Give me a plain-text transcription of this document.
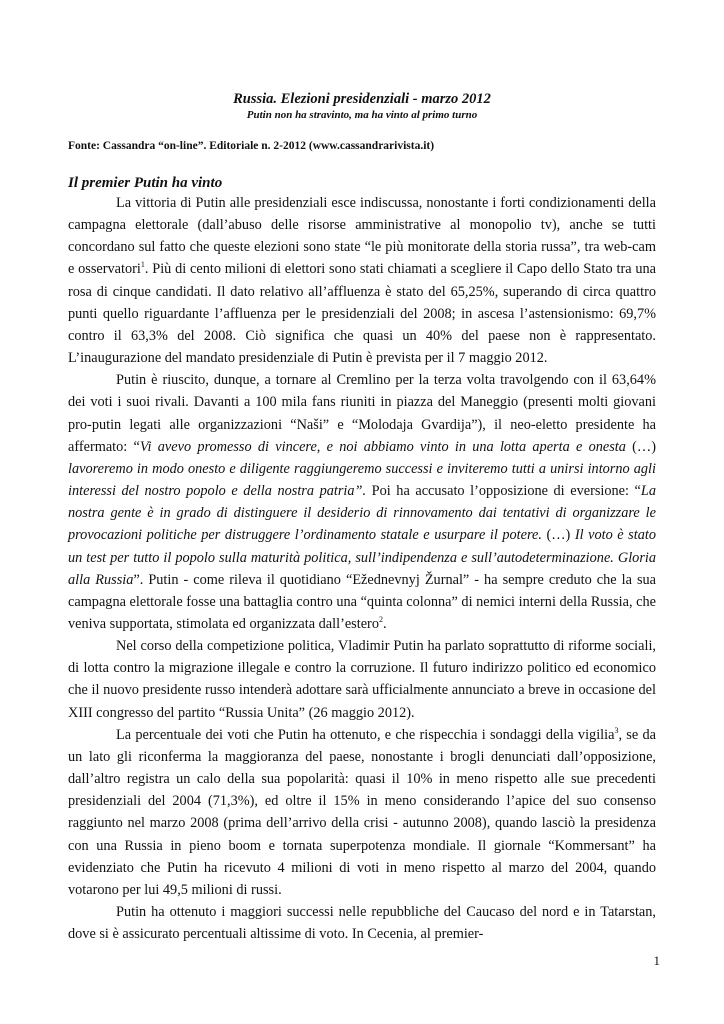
Russia. Elezioni presidenziali - marzo 2012
Putin non ha stravinto, ma ha vinto al primo turno
Fonte: Cassandra “on-line”. Editoriale n. 2-2012 (www.cassandrarivista.it)
Il premier Putin ha vinto

La vittoria di Putin alle presidenziali esce indiscussa, nonostante i forti condizionamenti della campagna elettorale (dall’abuso delle risorse amministrative al monopolio tv), anche se tutti concordano sul fatto che queste elezioni sono state “le più monitorate della storia russa”, tra web-cam e osservatori$^1$. Più di cento milioni di elettori sono stati chiamati a scegliere il Capo dello Stato tra una rosa di cinque candidati. Il dato relativo all’affluenza è stato del 65,25%, superando di circa quattro punti quello riguardante l’affluenza per le presidenziali del 2008; in ascesa l’astensionismo: 69,7% contro il 63,3% del 2008. Ciò significa che quasi un 40% del paese non è rappresentato. L’inaugurazione del mandato presidenziale di Putin è prevista per il 7 maggio 2012.

Putin è riuscito, dunque, a tornare al Cremlino per la terza volta travolgendo con il 63,64% dei voti i suoi rivali. Davanti a 100 mila fans riuniti in piazza del Maneggio (presenti molti giovani pro-putin legati alle organizzazioni “Naši” e “Molodaja Gvardija”), il neo-eletto presidente ha affermato: “Vi avevo promesso di vincere, e noi abbiamo vinto in una lotta aperta e onesta (…) lavoreremo in modo onesto e diligente raggiungeremo successi e inviteremo tutti a unirsi intorno agli interessi del nostro popolo e della nostra patria”. Poi ha accusato l’opposizione di eversione: “La nostra gente è in grado di distinguere il desiderio di rinnovamento dai tentativi di organizzare le provocazioni politiche per distruggere l’ordinamento statale e usurpare il potere. (…) Il voto è stato un test per tutto il popolo sulla maturità politica, sull’indipendenza e sull’autodeterminazione. Gloria alla Russia”. Putin - come rileva il quotidiano “Ežednevnyj Žurnal” - ha sempre creduto che la sua campagna elettorale fosse una battaglia contro una “quinta colonna” di nemici interni della Russia, che veniva supportata, stimolata ed organizzata dall’estero$^2$.

Nel corso della competizione politica, Vladimir Putin ha parlato soprattutto di riforme sociali, di lotta contro la migrazione illegale e contro la corruzione. Il futuro indirizzo politico ed economico che il nuovo presidente russo intenderà adottare sarà ufficialmente annunciato a breve in occasione del XIII congresso del partito “Russia Unita” (26 maggio 2012).

La percentuale dei voti che Putin ha ottenuto, e che rispecchia i sondaggi della vigilia$^3$, se da un lato gli riconferma la maggioranza del paese, nonostante i brogli denunciati dall’opposizione, dall’altro registra un calo della sua popolarità: quasi il 10% in meno rispetto alle sue precedenti presidenziali del 2004 (71,3%), ed oltre il 15% in meno considerando l’apice del suo consenso raggiunto nel marzo 2008 (prima dell’arrivo della crisi - autunno 2008), quando lasciò la presidenza con una Russia in pieno boom e tornata superpotenza mondiale. Il giornale “Kommersant” ha evidenziato che Putin ha ricevuto 4 milioni di voti in meno rispetto al marzo del 2004, quando votarono per lui 49,5 milioni di russi.

Putin ha ottenuto i maggiori successi nelle repubbliche del Caucaso del nord e in Tatarstan, dove si è assicurato percentuali altissime di voto. In Cecenia, al premier-

1
